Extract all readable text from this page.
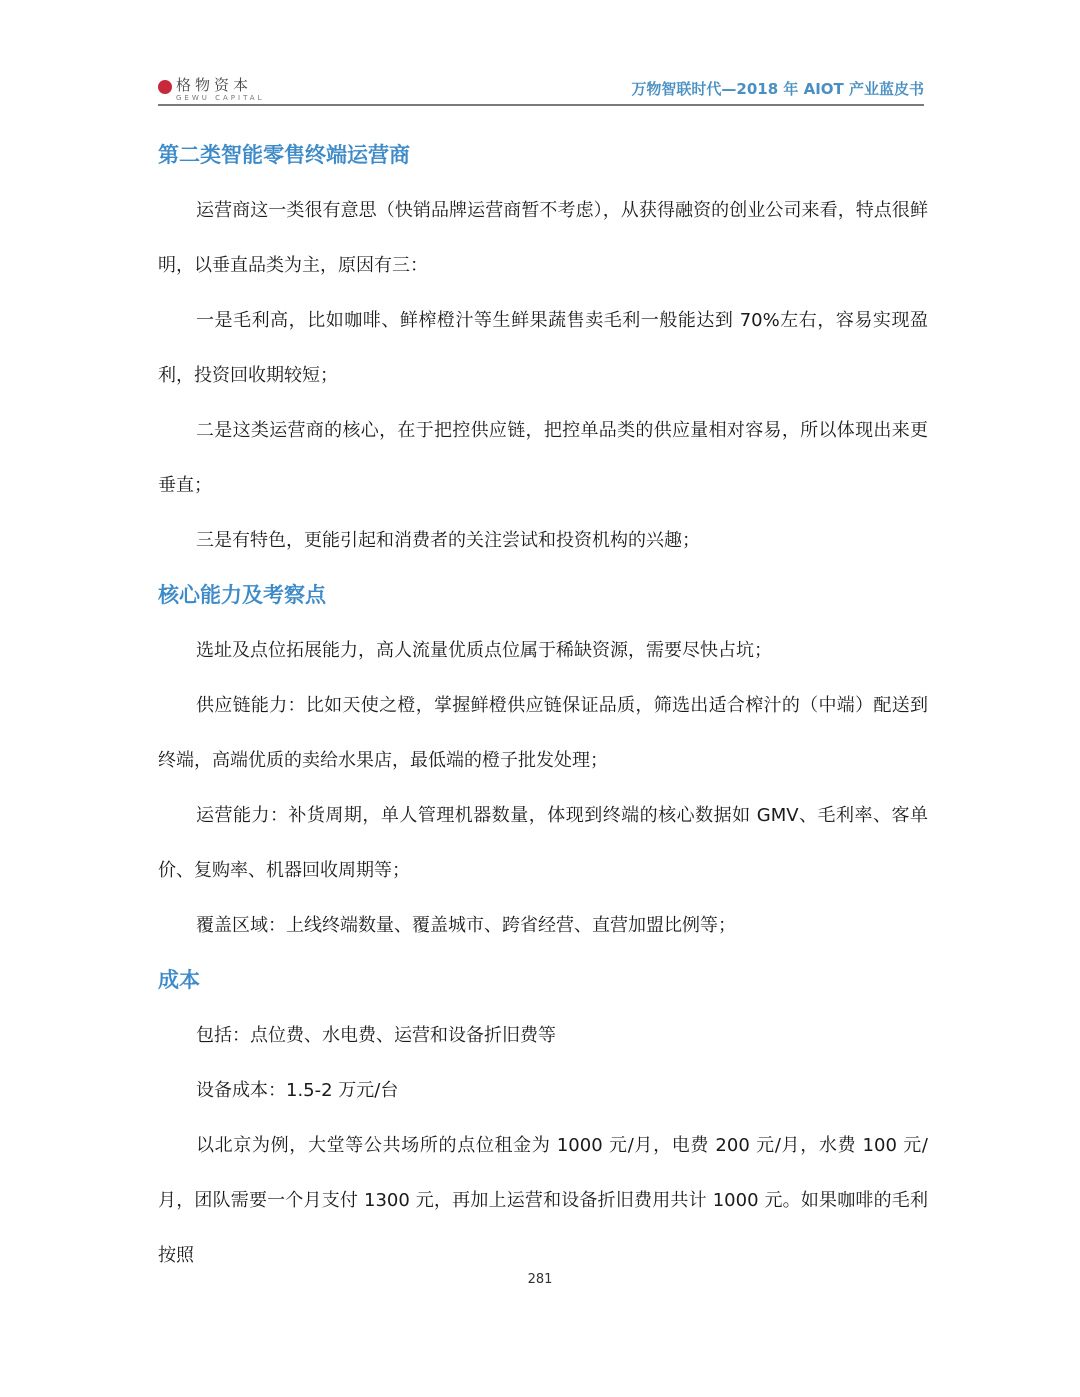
格物资本
GEWU CAPITAL	万物智联时代—2018 年 AIOT 产业蓝皮书
第二类智能零售终端运营商

运营商这一类很有意思（快销品牌运营商暂不考虑），从获得融资的创业公司来看，特点很鲜明，以垂直品类为主，原因有三：

一是毛利高，比如咖啡、鲜榨橙汁等生鲜果蔬售卖毛利一般能达到 70%左右，容易实现盈利，投资回收期较短；

二是这类运营商的核心，在于把控供应链，把控单品类的供应量相对容易，所以体现出来更垂直；

三是有特色，更能引起和消费者的关注尝试和投资机构的兴趣；

核心能力及考察点

选址及点位拓展能力，高人流量优质点位属于稀缺资源，需要尽快占坑；

供应链能力：比如天使之橙，掌握鲜橙供应链保证品质，筛选出适合榨汁的（中端）配送到终端，高端优质的卖给水果店，最低端的橙子批发处理；

运营能力：补货周期，单人管理机器数量，体现到终端的核心数据如 GMV、毛利率、客单价、复购率、机器回收周期等；

覆盖区域：上线终端数量、覆盖城市、跨省经营、直营加盟比例等；

成本

包括：点位费、水电费、运营和设备折旧费等

设备成本：1.5-2 万元/台

以北京为例，大堂等公共场所的点位租金为 1000 元/月，电费 200 元/月，水费 100 元/月，团队需要一个月支付 1300 元，再加上运营和设备折旧费用共计 1000 元。如果咖啡的毛利按照

281
